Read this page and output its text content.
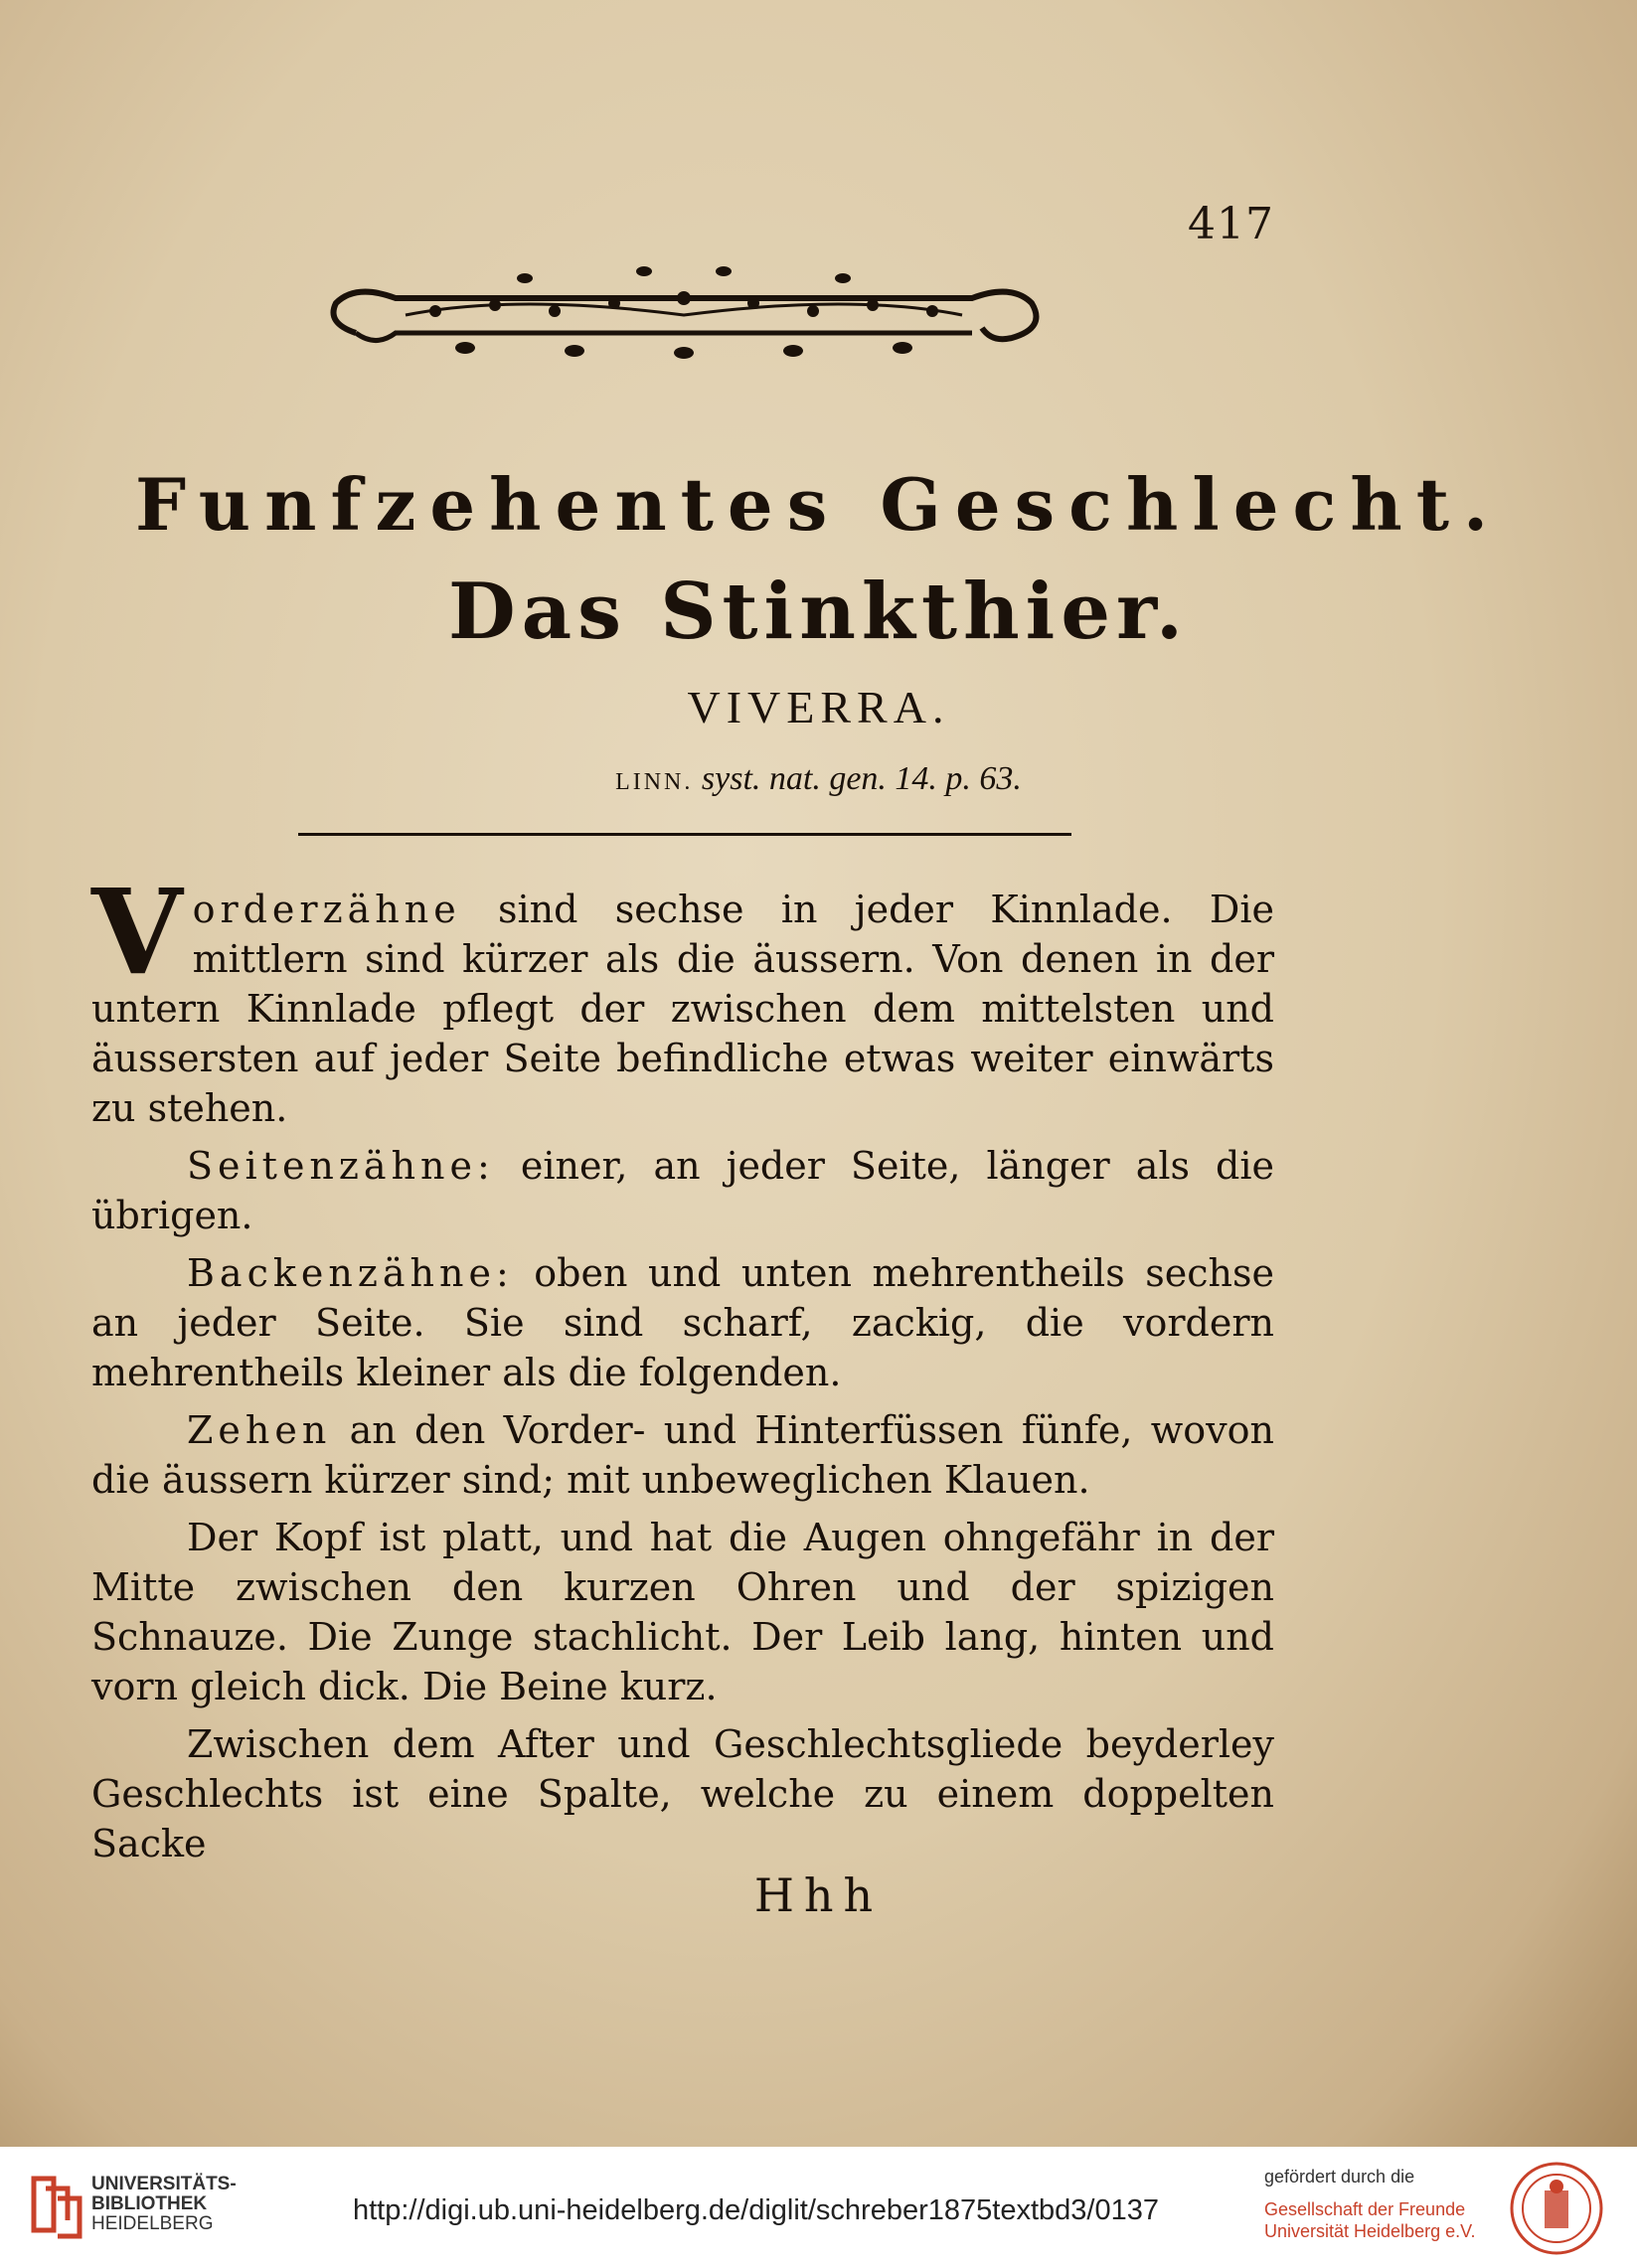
417
Funfzehentes Geschlecht.
Das Stinkthier.
VIVERRA.
LINN. syst. nat. gen. 14. p. 63.

Vorderzähne sind sechse in jeder Kinnlade. Die mittlern sind kürzer als die äussern. Von denen in der untern Kinnlade pflegt der zwischen dem mittelsten und äussersten auf jeder Seite befindliche etwas weiter einwärts zu stehen.

Seitenzähne: einer, an jeder Seite, länger als die übrigen.

Backenzähne: oben und unten mehrentheils sechse an jeder Seite. Sie sind scharf, zackig, die vordern mehrentheils kleiner als die folgenden.

Zehen an den Vorder- und Hinterfüssen fünfe, wovon die äussern kürzer sind; mit unbeweglichen Klauen.

Der Kopf ist platt, und hat die Augen ohngefähr in der Mitte zwischen den kurzen Ohren und der spizigen Schnauze. Die Zunge stachlicht. Der Leib lang, hinten und vorn gleich dick. Die Beine kurz.

Zwischen dem After und Geschlechtsgliede beyderley Geschlechts ist eine Spalte, welche zu einem doppelten Sacke

Hhh
UNIVERSITÄTS-
BIBLIOTHEK
HEIDELBERG	http://digi.ub.uni-heidelberg.de/diglit/schreber1875textbd3/0137
gefördert durch die
Gesellschaft der Freunde
Universität Heidelberg e.V.
